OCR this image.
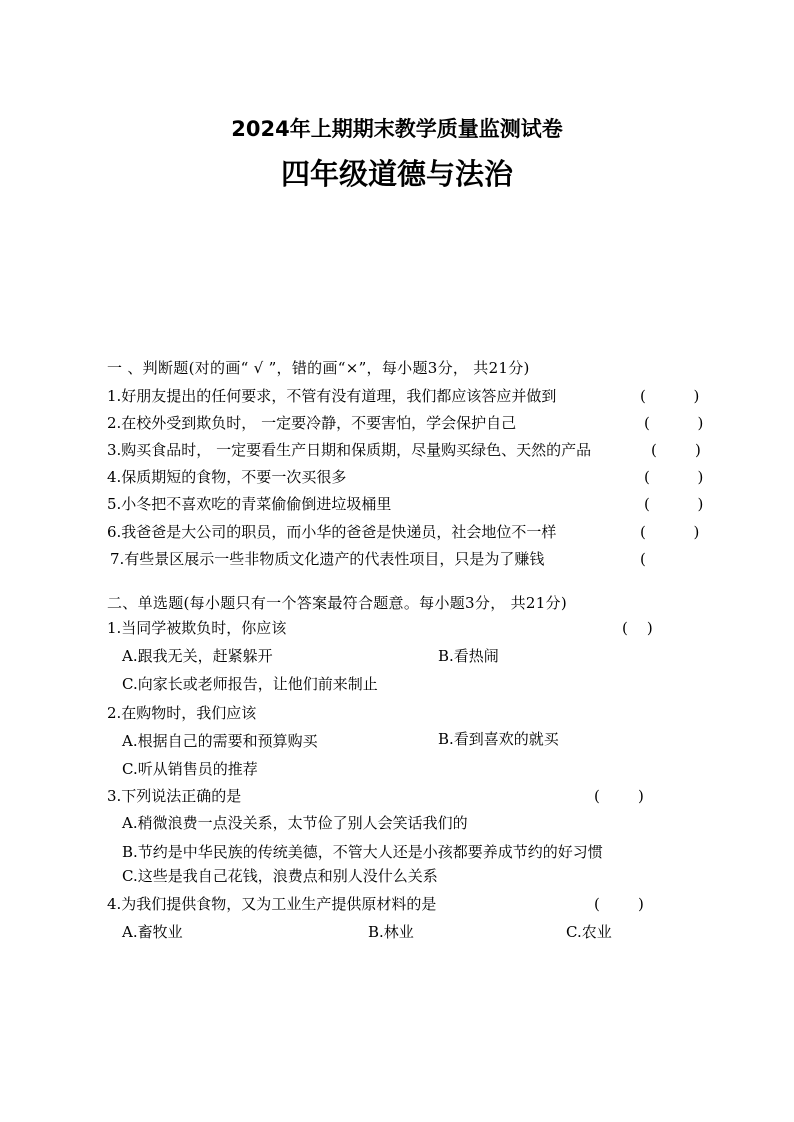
2024年上期期末教学质量监测试卷
四年级道德与法治
一 、判断题(对的画“ √ ”，错的画“×”，每小题3分， 共21分)
1.好朋友提出的任何要求，不管有没有道理，我们都应该答应并做到	(          )
2.在校外受到欺负时， 一定要冷静，不要害怕，学会保护自己	(          )
3.购买食品时， 一定要看生产日期和保质期，尽量购买绿色、天然的产品	(        )
4.保质期短的食物，不要一次买很多	(          )
5.小冬把不喜欢吃的青菜偷偷倒进垃圾桶里	(          )
6.我爸爸是大公司的职员，而小华的爸爸是快递员，社会地位不一样	(          )
7.有些景区展示一些非物质文化遗产的代表性项目，只是为了赚钱	(
二、单选题(每小题只有一个答案最符合题意。每小题3分， 共21分)
1.当同学被欺负时，你应该	(    )
A.跟我无关，赶紧躲开	B.看热闹
C.向家长或老师报告，让他们前来制止
2.在购物时，我们应该
A.根据自己的需要和预算购买	B.看到喜欢的就买
C.听从销售员的推荐
3.下列说法正确的是	(        )
A.稍微浪费一点没关系，太节俭了别人会笑话我们的
B.节约是中华民族的传统美德，不管大人还是小孩都要养成节约的好习惯
C.这些是我自己花钱，浪费点和别人没什么关系
4.为我们提供食物，又为工业生产提供原材料的是	(        )
A.畜牧业	B.林业	C.农业
